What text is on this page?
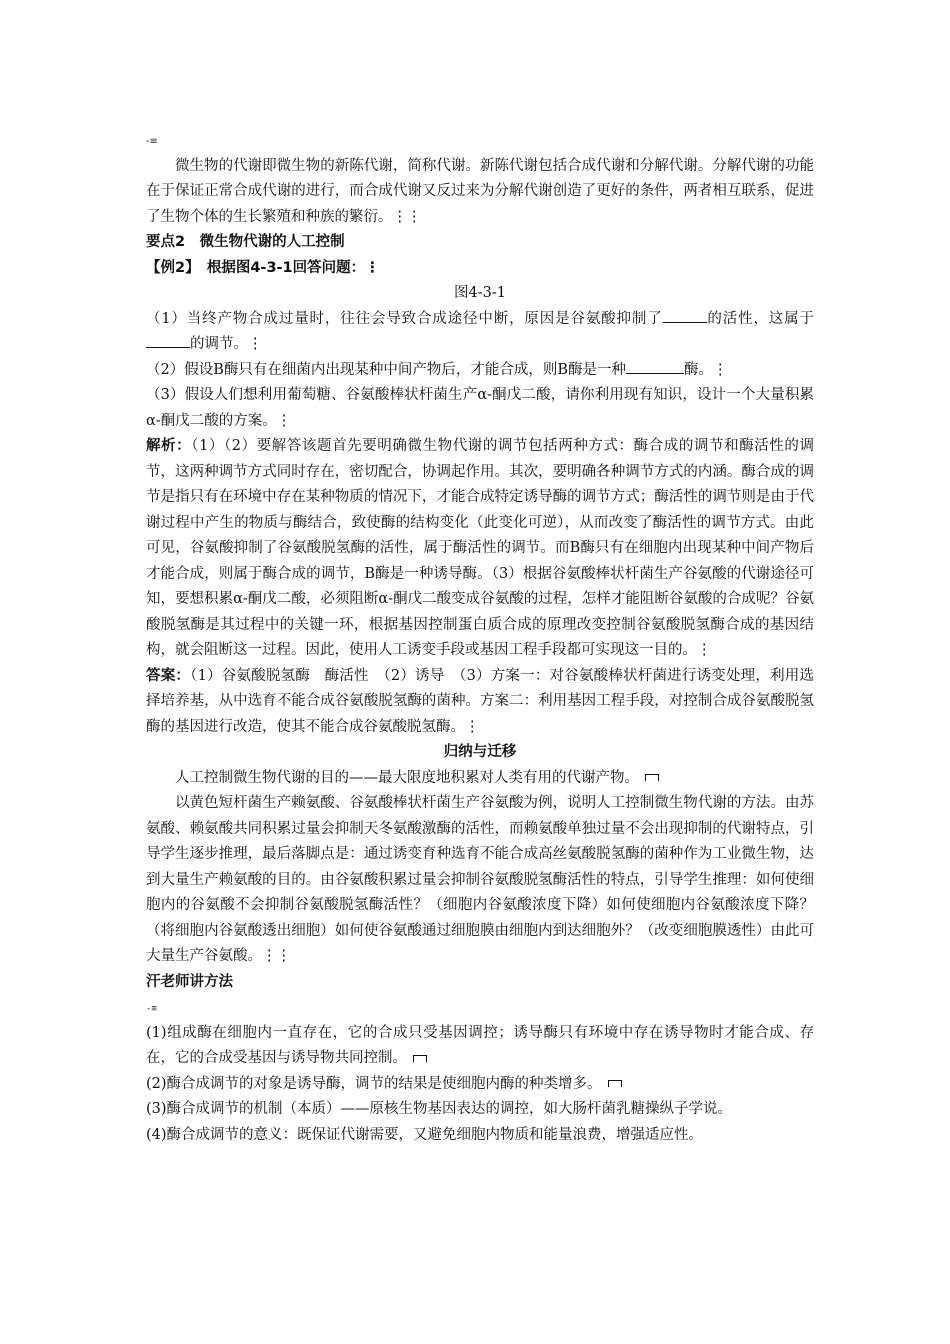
-≡

微生物的代谢即微生物的新陈代谢，简称代谢。新陈代谢包括合成代谢和分解代谢。分解代谢的功能在于保证正常合成代谢的进行，而合成代谢又反过来为分解代谢创造了更好的条件，两者相互联系，促进了生物个体的生长繁殖和种族的繁衍。⋮⋮

要点2　微生物代谢的人工控制

【例2】　根据图4-3-1回答问题：⋮

图4-3-1

（1）当终产物合成过量时，往往会导致合成途径中断，原因是谷氨酸抑制了	的活性，这属于的调节。⋮

（2）假设B酶只有在细菌内出现某种中间产物后，才能合成，则B酶是一种	酶。⋮

（3）假设人们想利用葡萄糖、谷氨酸棒状杆菌生产α-酮戊二酸，请你利用现有知识，设计一个大量积累α-酮戊二酸的方案。⋮

解析：（1）（2）要解答该题首先要明确微生物代谢的调节包括两种方式：酶合成的调节和酶活性的调节，这两种调节方式同时存在，密切配合，协调起作用。其次，要明确各种调节方式的内涵。酶合成的调节是指只有在环境中存在某种物质的情况下，才能合成特定诱导酶的调节方式；酶活性的调节则是由于代谢过程中产生的物质与酶结合，致使酶的结构变化（此变化可逆），从而改变了酶活性的调节方式。由此可见，谷氨酸抑制了谷氨酸脱氢酶的活性，属于酶活性的调节。而B酶只有在细胞内出现某种中间产物后才能合成，则属于酶合成的调节，B酶是一种诱导酶。（3）根据谷氨酸棒状杆菌生产谷氨酸的代谢途径可知，要想积累α-酮戊二酸，必须阻断α-酮戊二酸变成谷氨酸的过程，怎样才能阻断谷氨酸的合成呢？谷氨酸脱氢酶是其过程中的关键一环，根据基因控制蛋白质合成的原理改变控制谷氨酸脱氢酶合成的基因结构，就会阻断这一过程。因此，使用人工诱变手段或基因工程手段都可实现这一目的。⋮

答案：（1）谷氨酸脱氢酶　酶活性　（2）诱导　（3）方案一：对谷氨酸棒状杆菌进行诱变处理，利用选择培养基，从中选育不能合成谷氨酸脱氢酶的菌种。方案二：利用基因工程手段，对控制合成谷氨酸脱氢酶的基因进行改造，使其不能合成谷氨酸脱氢酶。⋮

归纳与迁移

人工控制微生物代谢的目的——最大限度地积累对人类有用的代谢产物。

以黄色短杆菌生产赖氨酸、谷氨酸棒状杆菌生产谷氨酸为例，说明人工控制微生物代谢的方法。由苏氨酸、赖氨酸共同积累过量会抑制天冬氨酸激酶的活性，而赖氨酸单独过量不会出现抑制的代谢特点，引导学生逐步推理，最后落脚点是：通过诱变育种选育不能合成高丝氨酸脱氢酶的菌种作为工业微生物，达到大量生产赖氨酸的目的。由谷氨酸积累过量会抑制谷氨酸脱氢酶活性的特点，引导学生推理：如何使细胞内的谷氨酸不会抑制谷氨酸脱氢酶活性？（细胞内谷氨酸浓度下降）如何使细胞内谷氨酸浓度下降？（将细胞内谷氨酸透出细胞）如何使谷氨酸通过细胞膜由细胞内到达细胞外？（改变细胞膜透性）由此可大量生产谷氨酸。⋮⋮

汗老师讲方法

-≡

(1)组成酶在细胞内一直存在，它的合成只受基因调控；诱导酶只有环境中存在诱导物时才能合成、存在，它的合成受基因与诱导物共同控制。

(2)酶合成调节的对象是诱导酶，调节的结果是使细胞内酶的种类增多。

(3)酶合成调节的机制（本质）——原核生物基因表达的调控，如大肠杆菌乳糖操纵子学说。

(4)酶合成调节的意义：既保证代谢需要，又避免细胞内物质和能量浪费，增强适应性。
